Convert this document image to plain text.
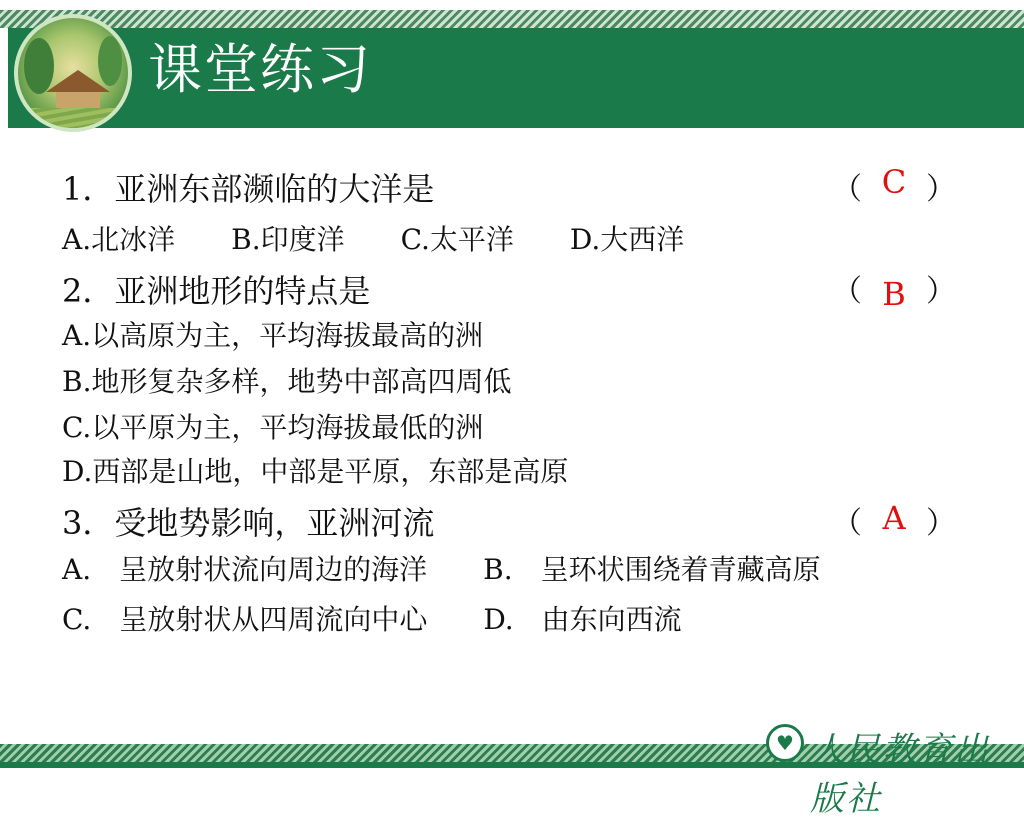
课堂练习
1．亚洲东部濒临的大洋是	（ C ）
A.北冰洋　　B.印度洋　　C.太平洋　　D.大西洋
2．亚洲地形的特点是	（ B ）
A.以高原为主，平均海拔最高的洲
B.地形复杂多样，地势中部高四周低
C.以平原为主，平均海拔最低的洲
D.西部是山地，中部是平原，东部是高原
3．受地势影响，亚洲河流	（ A ）
A.　呈放射状流向周边的海洋　　B.　呈环状围绕着青藏高原
C.　呈放射状从四周流向中心　　D.　由东向西流
♥ 人民教育出版社
